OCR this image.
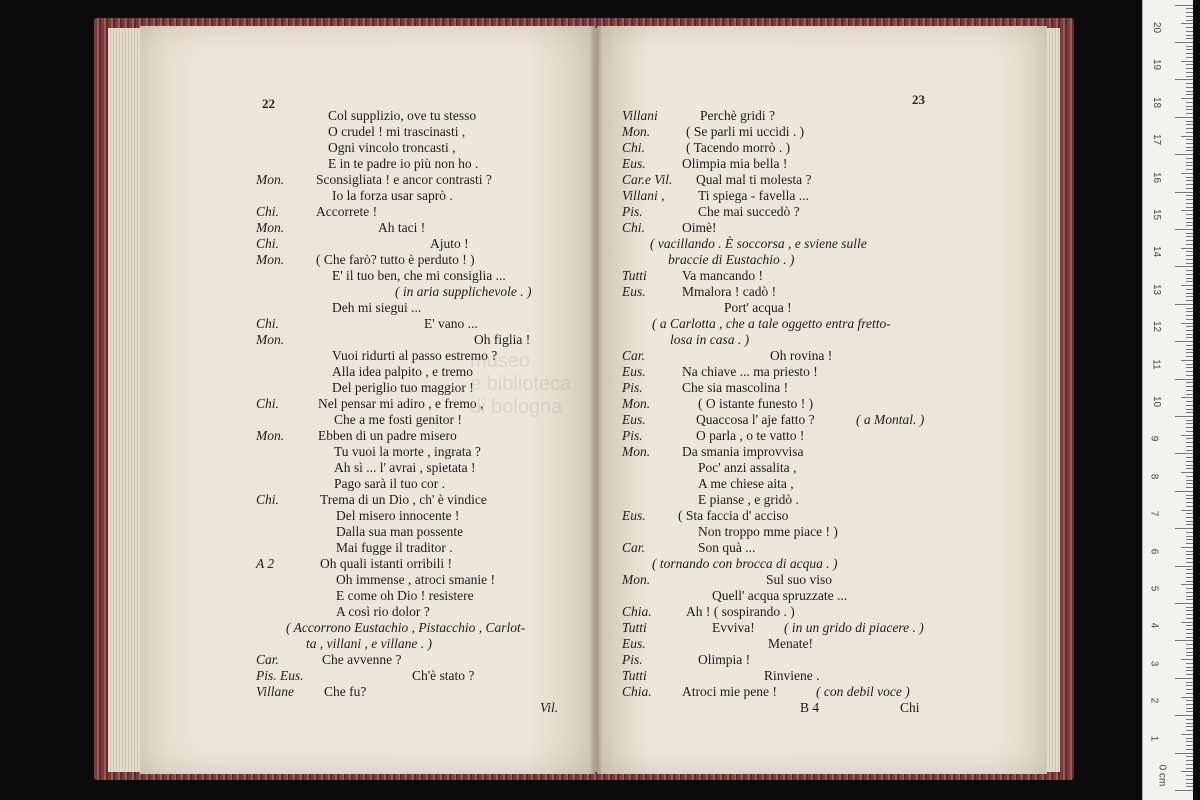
22	23
Col supplizio, ove tu stesso
O crudel ! mi trascinasti ,
Ogni vincolo troncasti ,
E in te padre io più non ho .
Mon. Sconsigliata ! e ancor contrasti ?
Io la forza usar saprò .
Chi.	Accorrete !
Mon.	Ah taci !
Chi.	Ajuto !
Mon. ( Che farò? tutto è perduto ! )
E' il tuo ben, che mi consiglia ...
( in aria supplichevole . )
Deh mi siegui ...
Chi.	E' vano ...
Mon.	Oh figlia !
Vuoi ridurti al passo estremo ?
Alla idea palpito , e tremo
Del periglio tuo maggior !
Chi.	Nel pensar mi adiro , e fremo ,
Che a me fosti genitor !
Mon.	Ebben di un padre misero
Tu vuoi la morte , ingrata ?
Ah sì ... l' avrai , spietata !
Pago sarà il tuo cor .
Chi.	Trema di un Dio , ch' è vindice
Del misero innocente !
Dalla sua man possente
Mai fugge il traditor .
A 2	Oh quali istanti orribili !
Oh immense , atroci smanie !
E come oh Dio ! resistere
A così rio dolor ?
( Accorrono Eustachio , Pistacchio , Carlot-
ta , villani , e villane . )
Car.	Che avvenne ?
Pis. Eus.	Ch'è stato ?
Villane Che fu?
Vil.
Villani	Perchè gridi ?
Mon.	( Se parli mi uccidi . )
Chi.	( Tacendo morrò . )
Eus.	Olimpia mia bella !
Car.e Vil. Qual mal ti molesta ?
Villani , Ti spiega - favella ...
Pis.	Che mai succedò ?
Chi.	Oimè!
( vacillando . È soccorsa , e sviene sulle
braccie di Eustachio . )
Tutti	Va mancando !
Eus.	Mmalora ! cadò !
Port' acqua !
( a Carlotta , che a tale oggetto entra fretto-
losa in casa . )
Car.	Oh rovina !
Eus.	Na chiave ... ma priesto !
Pis.	Che sia mascolina !
Mon.	( O istante funesto ! )
Eus.	Quaccosa l' aje fatto ?	( a Montal. )
Pis.	O parla , o te vatto !
Mon. Da smania improvvisa
Poc' anzi assalita ,
A me chiese aita ,
E pianse , e gridò .
Eus. ( Sta faccia d' acciso
Non troppo mme piace ! )
Car.	Son quà ...
( tornando con brocca di acqua . )
Mon.	Sul suo viso
Quell' acqua spruzzate ...
Chia.	Ah ! ( sospirando . )
Tutti	Evviva! ( in un grido di piacere . )
Eus.	Menate!
Pis.	Olimpia !
Tutti	Rinviene .
Chia. Atroci mie pene !	( con debil voce )
B 4	Chi
museo
e biblioteca
di bologna
0 cm
1
2
3
4
5
6
7
8
9
10
11
12
13
14
15
16
17
18
19
20
